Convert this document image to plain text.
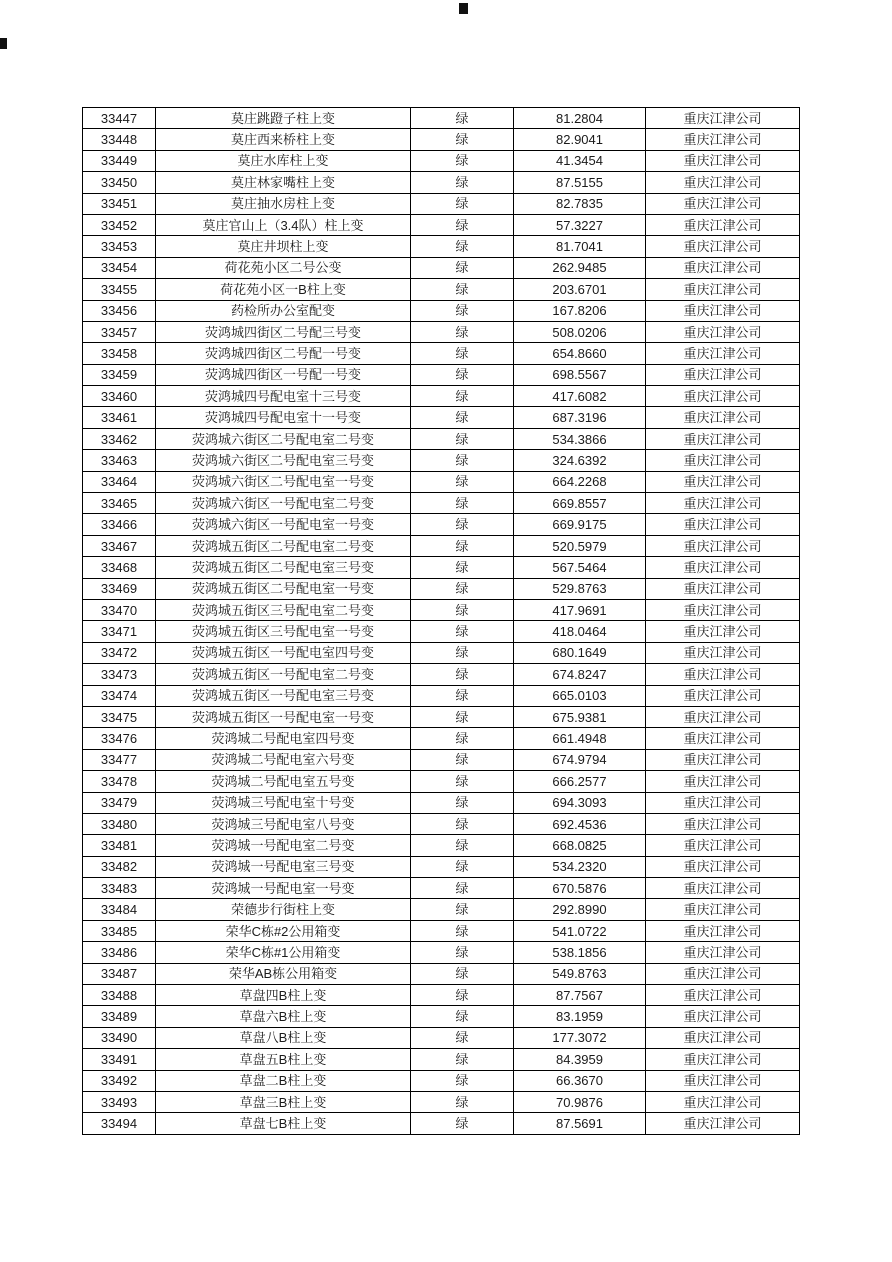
33447	莫庄跳蹬子柱上变	绿	81.2804	重庆江津公司
33448	莫庄西来桥柱上变	绿	82.9041	重庆江津公司
33449	莫庄水库柱上变	绿	41.3454	重庆江津公司
33450	莫庄林家嘴柱上变	绿	87.5155	重庆江津公司
33451	莫庄抽水房柱上变	绿	82.7835	重庆江津公司
33452	莫庄官山上（3.4队）柱上变	绿	57.3227	重庆江津公司
33453	莫庄井坝柱上变	绿	81.7041	重庆江津公司
33454	荷花苑小区二号公变	绿	262.9485	重庆江津公司
33455	荷花苑小区一B柱上变	绿	203.6701	重庆江津公司
33456	药检所办公室配变	绿	167.8206	重庆江津公司
33457	荧鸿城四街区二号配三号变	绿	508.0206	重庆江津公司
33458	荧鸿城四街区二号配一号变	绿	654.8660	重庆江津公司
33459	荧鸿城四街区一号配一号变	绿	698.5567	重庆江津公司
33460	荧鸿城四号配电室十三号变	绿	417.6082	重庆江津公司
33461	荧鸿城四号配电室十一号变	绿	687.3196	重庆江津公司
33462	荧鸿城六街区二号配电室二号变	绿	534.3866	重庆江津公司
33463	荧鸿城六街区二号配电室三号变	绿	324.6392	重庆江津公司
33464	荧鸿城六街区二号配电室一号变	绿	664.2268	重庆江津公司
33465	荧鸿城六街区一号配电室二号变	绿	669.8557	重庆江津公司
33466	荧鸿城六街区一号配电室一号变	绿	669.9175	重庆江津公司
33467	荧鸿城五街区二号配电室二号变	绿	520.5979	重庆江津公司
33468	荧鸿城五街区二号配电室三号变	绿	567.5464	重庆江津公司
33469	荧鸿城五街区二号配电室一号变	绿	529.8763	重庆江津公司
33470	荧鸿城五街区三号配电室二号变	绿	417.9691	重庆江津公司
33471	荧鸿城五街区三号配电室一号变	绿	418.0464	重庆江津公司
33472	荧鸿城五街区一号配电室四号变	绿	680.1649	重庆江津公司
33473	荧鸿城五街区一号配电室二号变	绿	674.8247	重庆江津公司
33474	荧鸿城五街区一号配电室三号变	绿	665.0103	重庆江津公司
33475	荧鸿城五街区一号配电室一号变	绿	675.9381	重庆江津公司
33476	荧鸿城二号配电室四号变	绿	661.4948	重庆江津公司
33477	荧鸿城二号配电室六号变	绿	674.9794	重庆江津公司
33478	荧鸿城二号配电室五号变	绿	666.2577	重庆江津公司
33479	荧鸿城三号配电室十号变	绿	694.3093	重庆江津公司
33480	荧鸿城三号配电室八号变	绿	692.4536	重庆江津公司
33481	荧鸿城一号配电室二号变	绿	668.0825	重庆江津公司
33482	荧鸿城一号配电室三号变	绿	534.2320	重庆江津公司
33483	荧鸿城一号配电室一号变	绿	670.5876	重庆江津公司
33484	荣德步行街柱上变	绿	292.8990	重庆江津公司
33485	荣华C栋#2公用箱变	绿	541.0722	重庆江津公司
33486	荣华C栋#1公用箱变	绿	538.1856	重庆江津公司
33487	荣华AB栋公用箱变	绿	549.8763	重庆江津公司
33488	草盘四B柱上变	绿	87.7567	重庆江津公司
33489	草盘六B柱上变	绿	83.1959	重庆江津公司
33490	草盘八B柱上变	绿	177.3072	重庆江津公司
33491	草盘五B柱上变	绿	84.3959	重庆江津公司
33492	草盘二B柱上变	绿	66.3670	重庆江津公司
33493	草盘三B柱上变	绿	70.9876	重庆江津公司
33494	草盘七B柱上变	绿	87.5691	重庆江津公司
